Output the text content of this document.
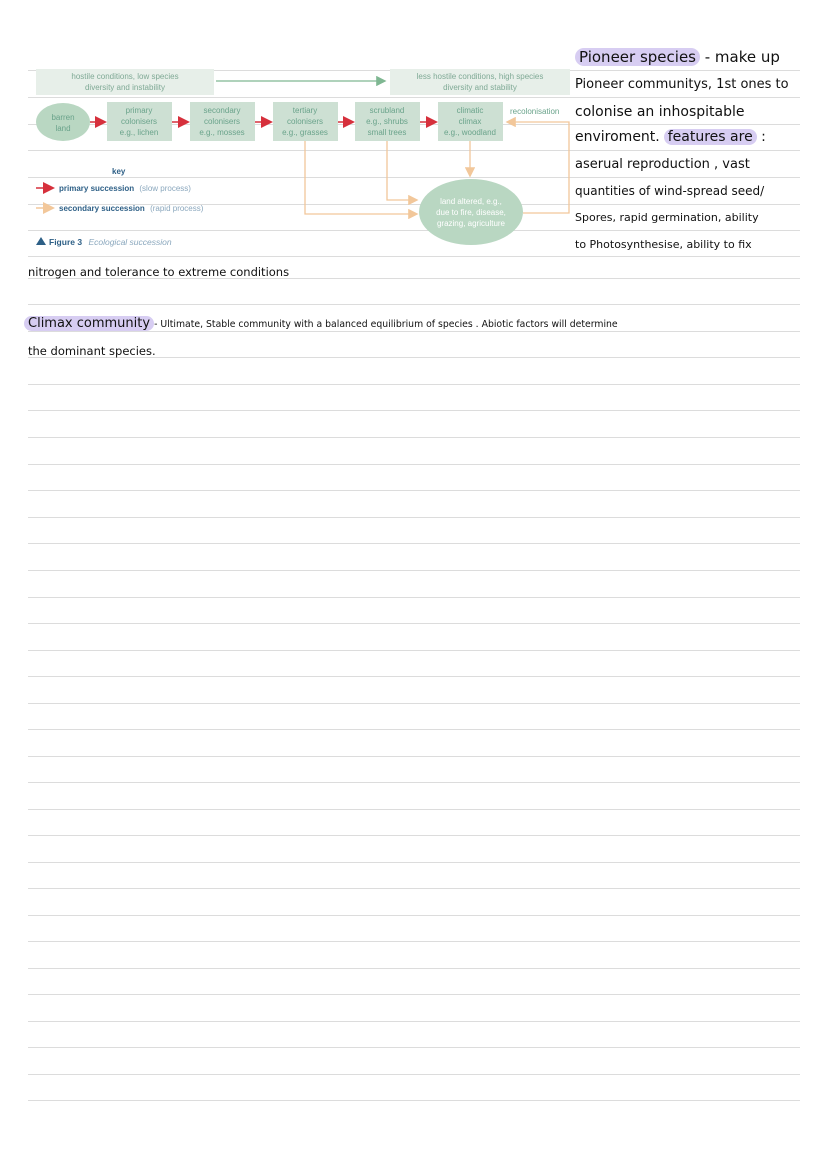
hostile conditions, low species
diversity and instability
less hostile conditions, high species
diversity and stability
barren
land
primary
colonisers
e.g., lichen
secondary
colonisers
e.g., mosses
tertiary
colonisers
e.g., grasses
scrubland
e.g., shrubs
small trees
climatic
climax
e.g., woodland
recolonisation
land altered, e.g.,
due to fire, disease,
grazing, agriculture
key
primary succession (slow process)
secondary succession (rapid process)
Figure 3 Ecological succession
Pioneer species - make up
Pioneer communitys, 1st ones to
colonise an inhospitable
enviroment. features are :
aserual reproduction , vast
quantities of wind-spread seed/
Spores, rapid germination, ability
to Photosynthesise, ability to fix
nitrogen and tolerance to extreme conditions
Climax community - Ultimate, Stable community with a balanced equilibrium of species . Abiotic factors will determine
the dominant species.
